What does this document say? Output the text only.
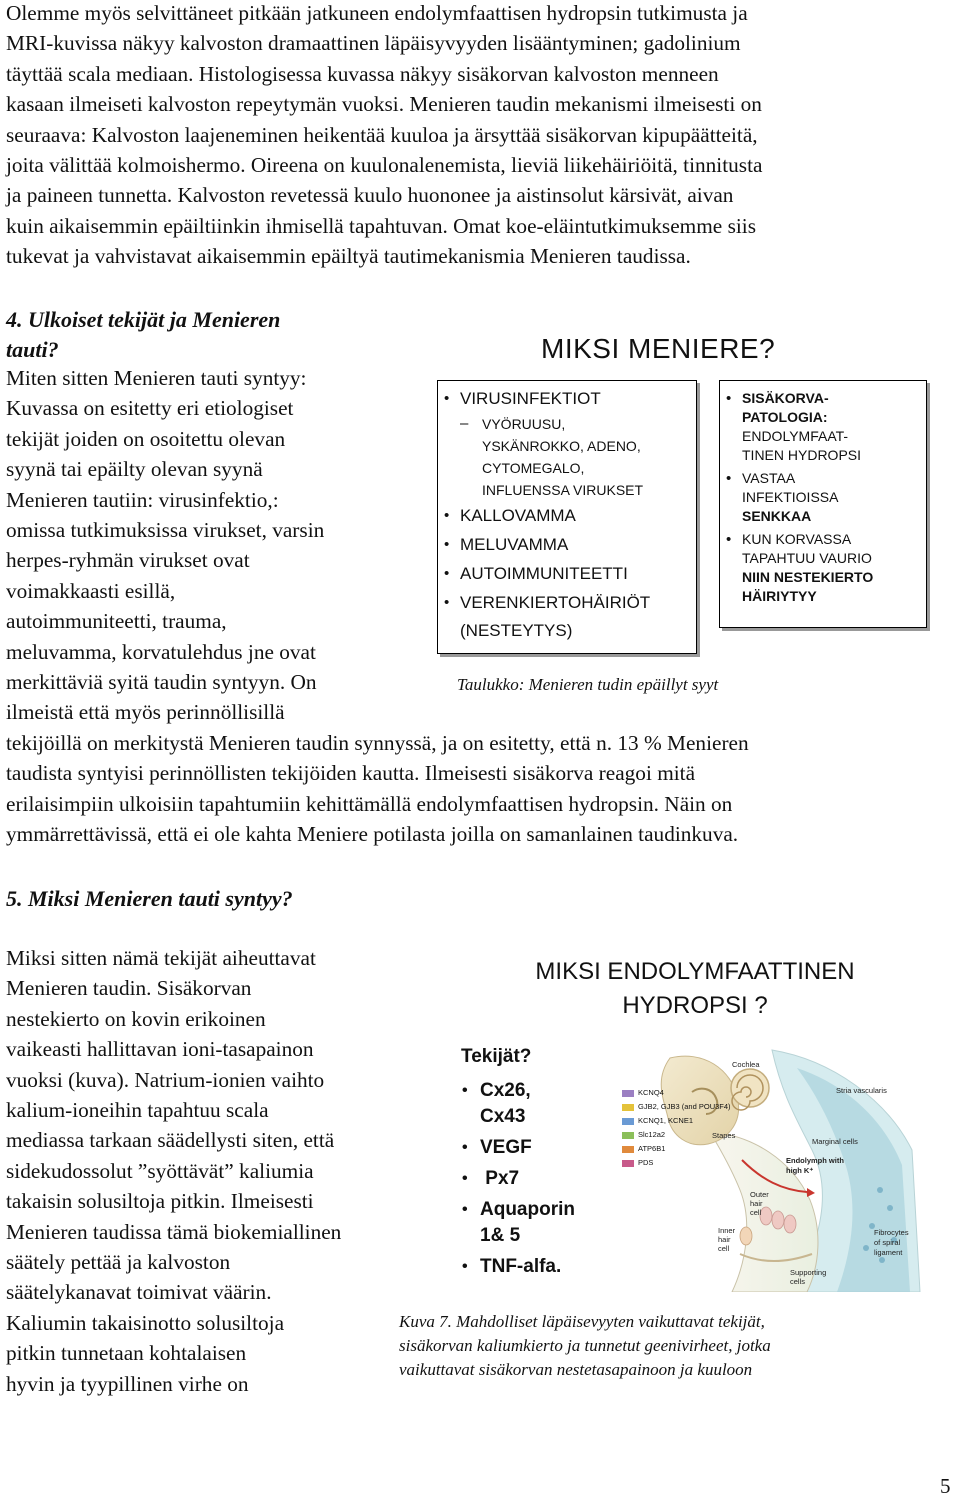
Olemme myös selvittäneet pitkään jatkuneen endolymfaattisen hydropsin tutkimusta ja
MRI-kuvissa näkyy kalvoston dramaattinen läpäisyvyyden lisääntyminen; gadolinium
täyttää scala mediaan. Histologisessa kuvassa näkyy sisäkorvan kalvoston menneen
kasaan ilmeiseti kalvoston repeytymän vuoksi. Menieren taudin mekanismi ilmeisesti on
seuraava: Kalvoston laajeneminen heikentää kuuloa ja ärsyttää sisäkorvan kipupäätteitä,
joita välittää kolmoishermo. Oireena on kuulonalenemista, lieviä liikehäiriöitä, tinnitusta
ja paineen tunnetta. Kalvoston revetessä kuulo huononee ja aistinsolut kärsivät, aivan
kuin aikaisemmin epäiltiinkin ihmisellä tapahtuvan. Omat koe-eläintutkimuksemme siis
tukevat ja vahvistavat aikaisemmin epäiltyä tautimekanismia Menieren taudissa.
4. Ulkoiset tekijät ja Menieren
tauti?
Miten sitten Menieren tauti syntyy:
Kuvassa on esitetty eri etiologiset
tekijät joiden on osoitettu olevan
syynä tai epäilty olevan syynä
Menieren tautiin: virusinfektio,:
omissa tutkimuksissa virukset, varsin
herpes-ryhmän virukset ovat
voimakkaasti esillä,
autoimmuniteetti, trauma,
meluvamma, korvatulehdus jne ovat
merkittäviä syitä taudin syntyyn. On
ilmeistä että myös perinnöllisillä
tekijöillä on merkitystä Menieren taudin synnyssä, ja on esitetty, että n. 13 % Menieren
taudista syntyisi perinnöllisten tekijöiden kautta. Ilmeisesti sisäkorva reagoi mitä
erilaisimpiin ulkoisiin tapahtumiin kehittämällä endolymfaattisen hydropsin. Näin on
ymmärrettävissä, että ei ole kahta Meniere potilasta joilla on samanlainen taudinkuva.
MIKSI MENIERE?
• VIRUSINFEKTIOT
– VYÖRUUSU,
YSKÄNROKKO, ADENO,
CYTOMEGALO,
INFLUENSSA VIRUKSET
• KALLOVAMMA
• MELUVAMMA
• AUTOIMMUNITEETTI
• VERENKIERTOHÄIRIÖT
(NESTEYTYS)
• SISÄKORVA-
PATOLOGIA:
ENDOLYMFAAT-
TINEN HYDROPSI
• VASTAA
INFEKTIOISSA
SENKKAA
• KUN KORVASSA
TAPAHTUU VAURIO
NIIN NESTEKIERTO
HÄIRIYTYY
Taulukko: Menieren tudin epäillyt syyt
5. Miksi Menieren tauti syntyy?
Miksi sitten nämä tekijät aiheuttavat
Menieren taudin. Sisäkorvan
nestekierto on kovin erikoinen
vaikeasti hallittavan ioni-tasapainon
vuoksi (kuva). Natrium-ionien vaihto
kalium-ioneihin tapahtuu scala
mediassa tarkaan säädellysti siten, että
sidekudossolut ”syöttävät” kaliumia
takaisin solusiltoja pitkin. Ilmeisesti
Menieren taudissa tämä biokemiallinen
säätely pettää ja kalvoston
säätelykanavat toimivat väärin.
Kaliumin takaisinotto solusiltoja
pitkin tunnetaan kohtalaisen
hyvin ja tyypillinen virhe on
MIKSI ENDOLYMFAATTINEN
HYDROPSI ?
Tekijät?
• Cx26,
Cx43
• VEGF
•  Px7
• Aquaporin
1& 5
• TNF-alfa.
KCNQ4
GJB2, GJB3 (and POU3F4)
KCNQ1, KCNE1
Slc12a2
ATP6B1
PDS
Cochlea
Stria vascularis
Stapes
Marginal cells
Endolymph with
high K⁺
Outer
hair
cell
Inner
hair
cell
Supporting
cells
Fibrocytes
of spiral
ligament
Kuva 7. Mahdolliset läpäisevyyten vaikuttavat tekijät,
sisäkorvan kaliumkierto ja tunnetut geenivirheet, jotka
vaikuttavat sisäkorvan nestetasapainoon ja kuuloon
5
